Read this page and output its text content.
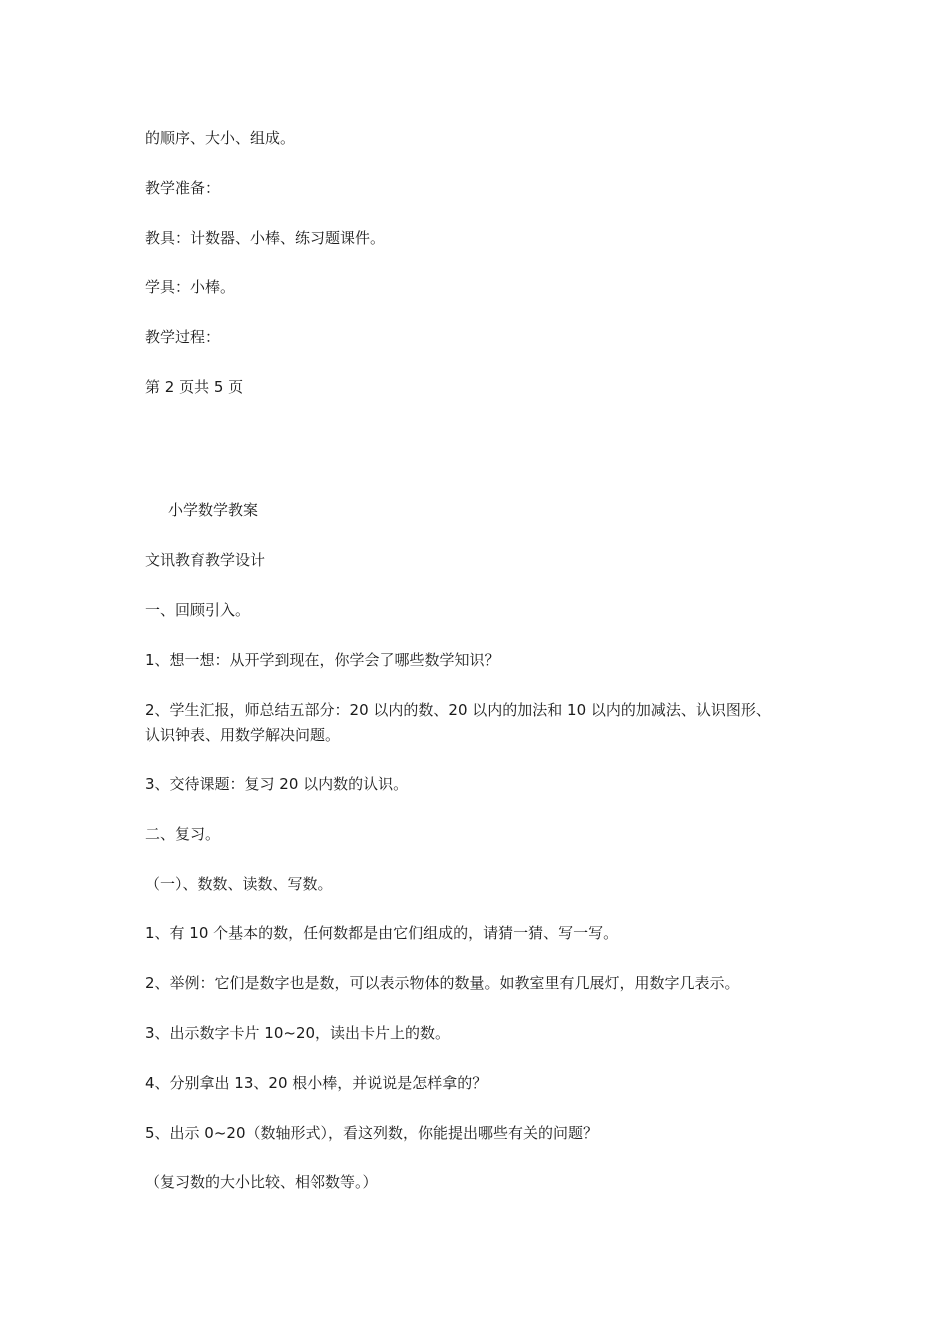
的顺序、大小、组成。
教学准备：
教具：计数器、小棒、练习题课件。
学具：小棒。
教学过程：
第 2 页共 5 页
小学数学教案
文讯教育教学设计
一、回顾引入。
1、想一想：从开学到现在，你学会了哪些数学知识？
2、学生汇报，师总结五部分：20 以内的数、20 以内的加法和 10 以内的加减法、认识图形、
认识钟表、用数学解决问题。
3、交待课题：复习 20 以内数的认识。
二、复习。
（一）、数数、读数、写数。
1、有 10 个基本的数，任何数都是由它们组成的，请猜一猜、写一写。
2、举例：它们是数字也是数，可以表示物体的数量。如教室里有几展灯，用数字几表示。
3、出示数字卡片 10~20，读出卡片上的数。
4、分别拿出 13、20 根小棒，并说说是怎样拿的？
5、出示 0~20（数轴形式），看这列数，你能提出哪些有关的问题？
（复习数的大小比较、相邻数等。）
